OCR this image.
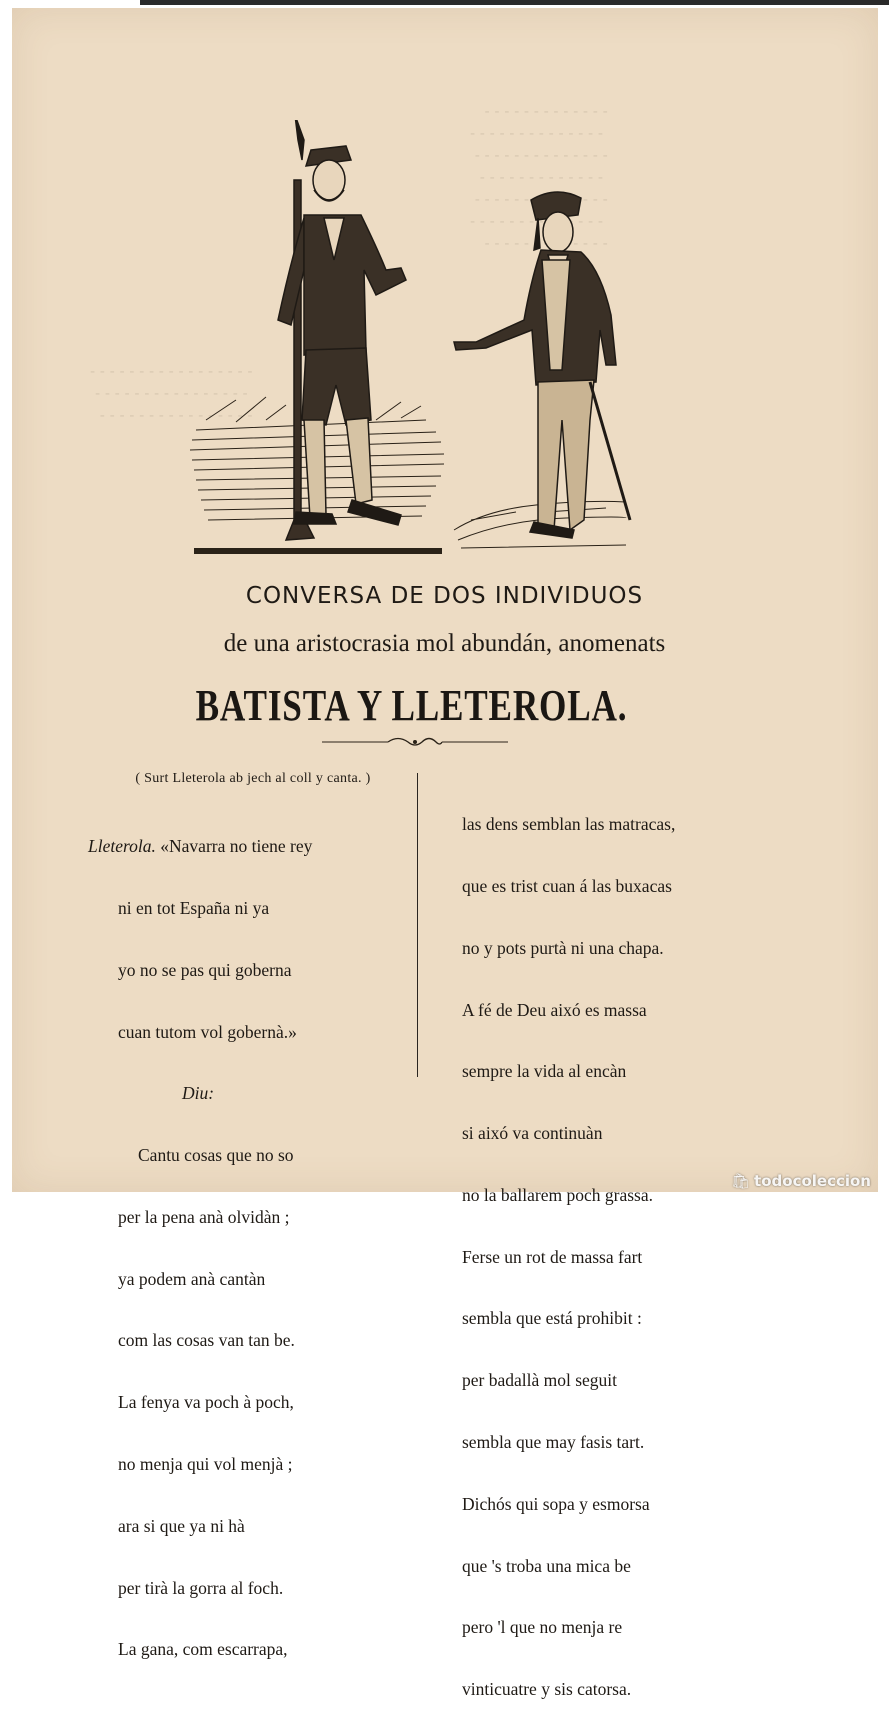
CONVERSA DE DOS INDIVIDUOS
de una aristocrasia mol abundán, anomenats
BATISTA Y LLETEROLA.
( Surt Lleterola ab jech al coll y canta. )

Lleterola. «Navarra no tiene rey

ni en tot España ni ya

yo no se pas qui goberna

cuan tutom vol gobernà.»

Diu:

Cantu cosas que no so

per la pena anà olvidàn ;

ya podem anà cantàn

com las cosas van tan be.

La fenya va poch à poch,

no menja qui vol menjà ;

ara si que ya ni hà

per tirà la gorra al foch.

La gana, com escarrapa,

las dens semblan las matracas,

que es trist cuan á las buxacas

no y pots purtà ni una chapa.

A fé de Deu aixó es massa

sempre la vida al encàn

si aixó va continuàn

no la ballarem poch grassa.

Ferse un rot de massa fart

sembla que está prohibit :

per badallà mol seguit

sembla que may fasis tart.

Dichós qui sopa y esmorsa

que 's troba una mica be

pero 'l que no menja re

vinticuatre y sis catorsa.

🛍 todocoleccion
